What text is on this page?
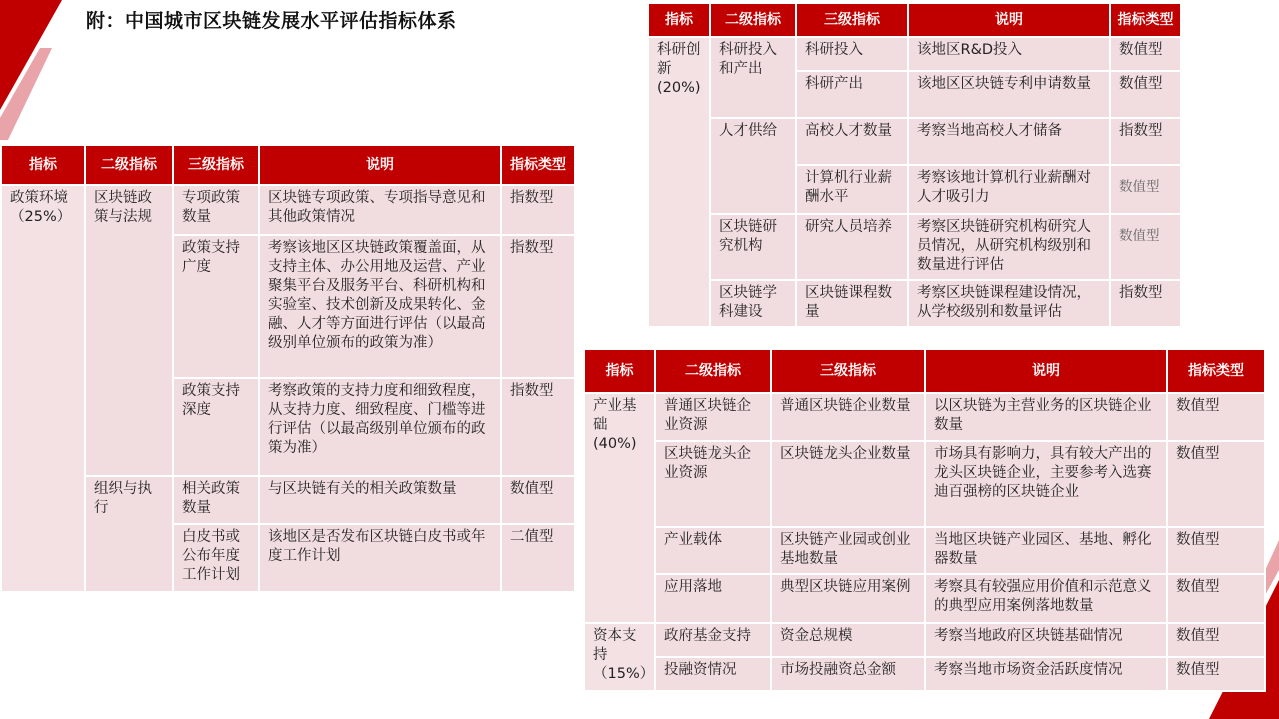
附：中国城市区块链发展水平评估指标体系
指标	二级指标	三级指标	说明	指标类型
政策环境（25%）	区块链政策与法规	专项政策数量	区块链专项政策、专项指导意见和其他政策情况	指数型
		政策支持广度	考察该地区区块链政策覆盖面，从支持主体、办公用地及运营、产业聚集平台及服务平台、科研机构和实验室、技术创新及成果转化、金融、人才等方面进行评估（以最高级别单位颁布的政策为准）	指数型
		政策支持深度	考察政策的支持力度和细致程度，从支持力度、细致程度、门槛等进行评估（以最高级别单位颁布的政策为准）	指数型
	组织与执行	相关政策数量	与区块链有关的相关政策数量	数值型
		白皮书或公布年度工作计划	该地区是否发布区块链白皮书或年度工作计划	二值型
指标	二级指标	三级指标	说明	指标类型
科研创新(20%)	科研投入和产出	科研投入	该地区R&D投入	数值型
		科研产出	该地区区块链专利申请数量	数值型
	人才供给	高校人才数量	考察当地高校人才储备	指数型
		计算机行业薪酬水平	考察该地计算机行业薪酬对人才吸引力	数值型
	区块链研究机构	研究人员培养	考察区块链研究机构研究人员情况，从研究机构级别和数量进行评估	数值型
	区块链学科建设	区块链课程数量	考察区块链课程建设情况，从学校级别和数量评估	指数型
指标	二级指标	三级指标	说明	指标类型
产业基础(40%)	普通区块链企业资源	普通区块链企业数量	以区块链为主营业务的区块链企业数量	数值型
	区块链龙头企业资源	区块链龙头企业数量	市场具有影响力，具有较大产出的龙头区块链企业，主要参考入选赛迪百强榜的区块链企业	数值型
	产业载体	区块链产业园或创业基地数量	当地区块链产业园区、基地、孵化器数量	数值型
	应用落地	典型区块链应用案例	考察具有较强应用价值和示范意义的典型应用案例落地数量	数值型
资本支持（15%）	政府基金支持	资金总规模	考察当地政府区块链基础情况	数值型
	投融资情况	市场投融资总金额	考察当地市场资金活跃度情况	数值型
